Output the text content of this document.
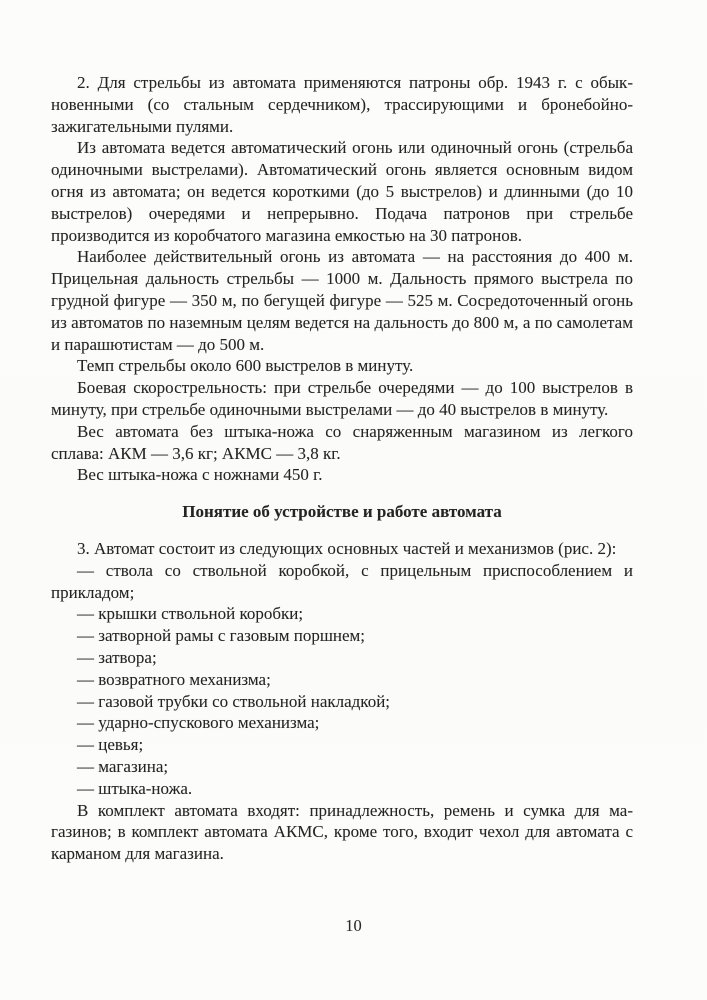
2. Для стрельбы из автомата применяются патроны обр. 1943 г. с обыкновенными (со стальным сердечником), трассирующими и бронебойно-зажигательными пулями.

Из автомата ведется автоматический огонь или одиночный огонь (стрельба одиночными выстрелами). Автоматический огонь является основным видом огня из автомата; он ведется короткими (до 5 выстрелов) и длинными (до 10 выстрелов) очередями и непрерывно. Подача патронов при стрельбе производится из коробчатого магазина емкостью на 30 патронов.

Наиболее действительный огонь из автомата — на расстояния до 400 м. Прицельная дальность стрельбы — 1000 м. Дальность прямого выстрела по грудной фигуре — 350 м, по бегущей фигуре — 525 м. Сосредоточенный огонь из автоматов по наземным целям ведется на дальность до 800 м, а по самолетам и парашютистам — до 500 м.

Темп стрельбы около 600 выстрелов в минуту.

Боевая скорострельность: при стрельбе очередями — до 100 выстрелов в минуту, при стрельбе одиночными выстрелами — до 40 выстрелов в минуту.

Вес автомата без штыка-ножа со снаряженным магазином из легкого сплава: АКМ — 3,6 кг; АКМС — 3,8 кг.

Вес штыка-ножа с ножнами 450 г.

Понятие об устройстве и работе автомата

3. Автомат состоит из следующих основных частей и механизмов (рис. 2):

— ствола со ствольной коробкой, с прицельным приспособлением и прикладом;

— крышки ствольной коробки;

— затворной рамы с газовым поршнем;

— затвора;

— возвратного механизма;

— газовой трубки со ствольной накладкой;

— ударно-спускового механизма;

— цевья;

— магазина;

— штыка-ножа.

В комплект автомата входят: принадлежность, ремень и сумка для магазинов; в комплект автомата АКМС, кроме того, входит чехол для автомата с карманом для магазина.

10
